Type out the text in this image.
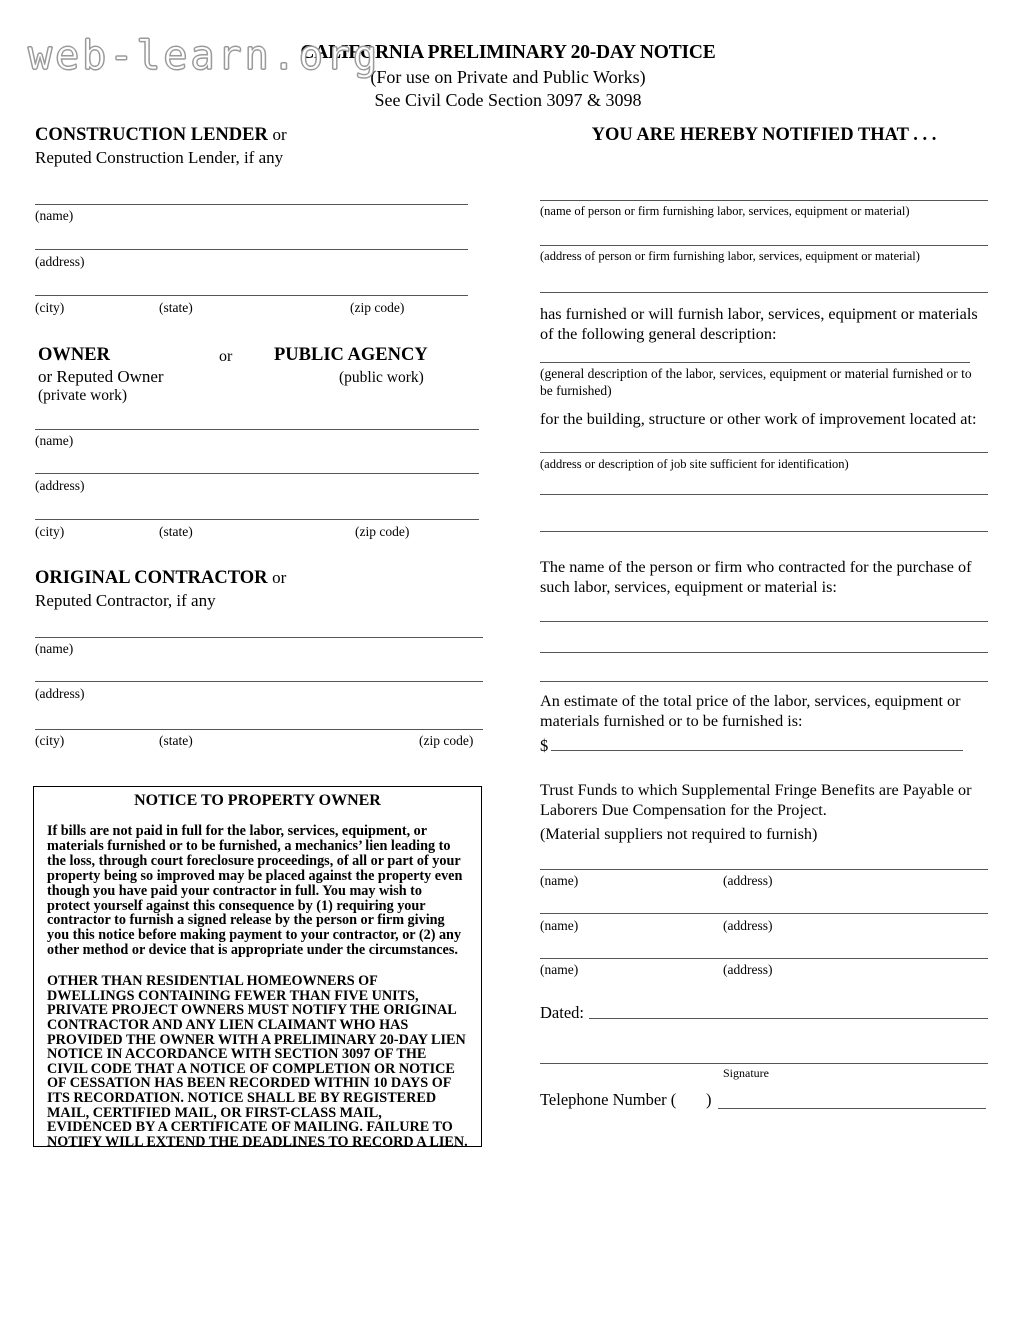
web-learn.org
CALIFORNIA PRELIMINARY 20-DAY NOTICE
(For use on Private and Public Works)
See Civil Code Section 3097 & 3098
CONSTRUCTION LENDER or
Reputed Construction Lender, if any
(name)
(address)
(city)	(state)	(zip code)
OWNER	or PUBLIC AGENCY
or Reputed Owner	(public work)
(private work)
(name)
(address)
(city)	(state)	(zip code)
ORIGINAL CONTRACTOR or
Reputed Contractor, if any
(name)
(address)
(city)	(state)	(zip code)
NOTICE TO PROPERTY OWNER
If bills are not paid in full for the labor, services, equipment, or materials furnished or to be furnished, a mechanics’ lien leading to the loss, through court foreclosure proceedings, of all or part of your property being so improved may be placed against the property even though you have paid your contractor in full. You may wish to protect yourself against this consequence by (1) requiring your contractor to furnish a signed release by the person or firm giving you this notice before making payment to your contractor, or (2) any other method or device that is appropriate under the circumstances.
OTHER THAN RESIDENTIAL HOMEOWNERS OF DWELLINGS CONTAINING FEWER THAN FIVE UNITS, PRIVATE PROJECT OWNERS MUST NOTIFY THE ORIGINAL CONTRACTOR AND ANY LIEN CLAIMANT WHO HAS PROVIDED THE OWNER WITH A PRELIMINARY 20-DAY LIEN NOTICE IN ACCORDANCE WITH SECTION 3097 OF THE CIVIL CODE THAT A NOTICE OF COMPLETION OR NOTICE OF CESSATION HAS BEEN RECORDED WITHIN 10 DAYS OF ITS RECORDATION. NOTICE SHALL BE BY REGISTERED MAIL, CERTIFIED MAIL, OR FIRST-CLASS MAIL, EVIDENCED BY A CERTIFICATE OF MAILING. FAILURE TO NOTIFY WILL EXTEND THE DEADLINES TO RECORD A LIEN.
YOU ARE HEREBY NOTIFIED THAT . . .
(name of person or firm furnishing labor, services, equipment or material)
(address of person or firm furnishing labor, services, equipment or material)
has furnished or will furnish labor, services, equipment or materials of the following general description:
(general description of the labor, services, equipment or material furnished or to be furnished)
for the building, structure or other work of improvement located at:
(address or description of job site sufficient for identification)
The name of the person or firm who contracted for the purchase of such labor, services, equipment or material is:
An estimate of the total price of the labor, services, equipment or materials furnished or to be furnished is:
$
Trust Funds to which Supplemental Fringe Benefits are Payable or Laborers Due Compensation for the Project.
(Material suppliers not required to furnish)
(name)	(address)
(name)	(address)
(name)	(address)
Dated:
Signature
Telephone Number ( )
